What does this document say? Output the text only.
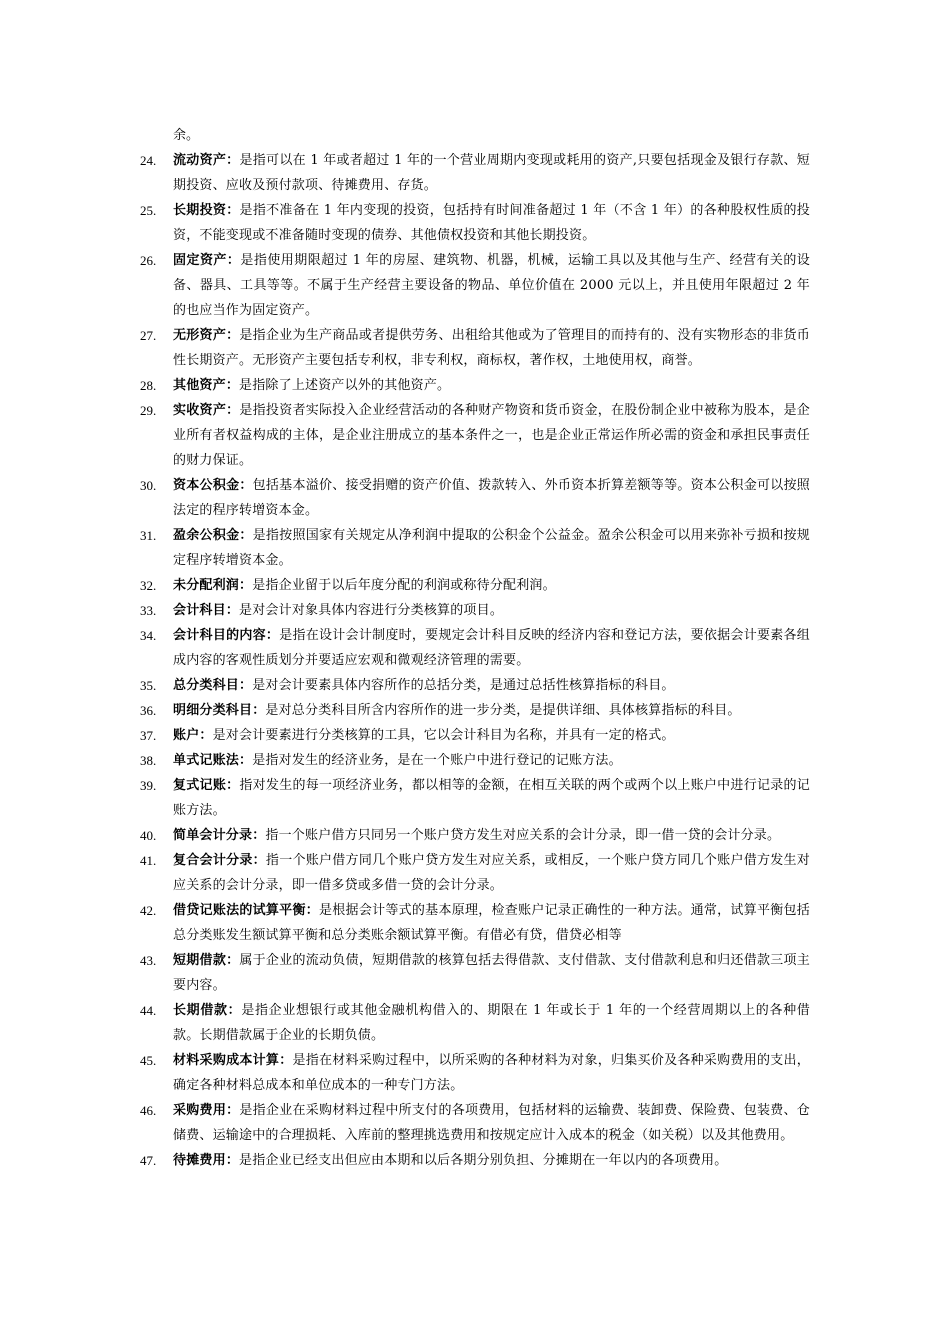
余。
24.	流动资产：是指可以在 1 年或者超过 1 年的一个营业周期内变现或耗用的资产,只要包括现金及银行存款、短期投资、应收及预付款项、待摊费用、存货。
25.	长期投资：是指不准备在 1 年内变现的投资，包括持有时间准备超过 1 年（不含 1 年）的各种股权性质的投资，不能变现或不准备随时变现的债券、其他债权投资和其他长期投资。
26.	固定资产：是指使用期限超过 1 年的房屋、建筑物、机器，机械，运输工具以及其他与生产、经营有关的设备、器具、工具等等。不属于生产经营主要设备的物品、单位价值在 2000 元以上，并且使用年限超过 2 年的也应当作为固定资产。
27.	无形资产：是指企业为生产商品或者提供劳务、出租给其他或为了管理目的而持有的、没有实物形态的非货币性长期资产。无形资产主要包括专利权，非专利权，商标权，著作权，土地使用权，商誉。
28.	其他资产：是指除了上述资产以外的其他资产。
29.	实收资产：是指投资者实际投入企业经营活动的各种财产物资和货币资金，在股份制企业中被称为股本，是企业所有者权益构成的主体，是企业注册成立的基本条件之一，也是企业正常运作所必需的资金和承担民事责任的财力保证。
30.	资本公积金：包括基本溢价、接受捐赠的资产价值、拨款转入、外币资本折算差额等等。资本公积金可以按照法定的程序转增资本金。
31.	盈余公积金：是指按照国家有关规定从净利润中提取的公积金个公益金。盈余公积金可以用来弥补亏损和按规定程序转增资本金。
32.	未分配利润：是指企业留于以后年度分配的利润或称待分配利润。
33.	会计科目：是对会计对象具体内容进行分类核算的项目。
34.	会计科目的内容：是指在设计会计制度时，要规定会计科目反映的经济内容和登记方法，要依据会计要素各组成内容的客观性质划分并要适应宏观和微观经济管理的需要。
35.	总分类科目：是对会计要素具体内容所作的总括分类，是通过总括性核算指标的科目。
36.	明细分类科目：是对总分类科目所含内容所作的进一步分类，是提供详细、具体核算指标的科目。
37.	账户：是对会计要素进行分类核算的工具，它以会计科目为名称，并具有一定的格式。
38.	单式记账法：是指对发生的经济业务，是在一个账户中进行登记的记账方法。
39.	复式记账：指对发生的每一项经济业务，都以相等的金额，在相互关联的两个或两个以上账户中进行记录的记账方法。
40.	简单会计分录：指一个账户借方只同另一个账户贷方发生对应关系的会计分录，即一借一贷的会计分录。
41.	复合会计分录：指一个账户借方同几个账户贷方发生对应关系，或相反，一个账户贷方同几个账户借方发生对应关系的会计分录，即一借多贷或多借一贷的会计分录。
42.	借贷记账法的试算平衡：是根据会计等式的基本原理，检查账户记录正确性的一种方法。通常，试算平衡包括总分类账发生额试算平衡和总分类账余额试算平衡。有借必有贷，借贷必相等
43.	短期借款：属于企业的流动负债，短期借款的核算包括去得借款、支付借款、支付借款利息和归还借款三项主要内容。
44.	长期借款：是指企业想银行或其他金融机构借入的、期限在 1 年或长于 1 年的一个经营周期以上的各种借款。长期借款属于企业的长期负债。
45.	材料采购成本计算：是指在材料采购过程中，以所采购的各种材料为对象，归集买价及各种采购费用的支出，确定各种材料总成本和单位成本的一种专门方法。
46.	采购费用：是指企业在采购材料过程中所支付的各项费用，包括材料的运输费、装卸费、保险费、包装费、仓储费、运输途中的合理损耗、入库前的整理挑选费用和按规定应计入成本的税金（如关税）以及其他费用。
47.	待摊费用：是指企业已经支出但应由本期和以后各期分别负担、分摊期在一年以内的各项费用。
